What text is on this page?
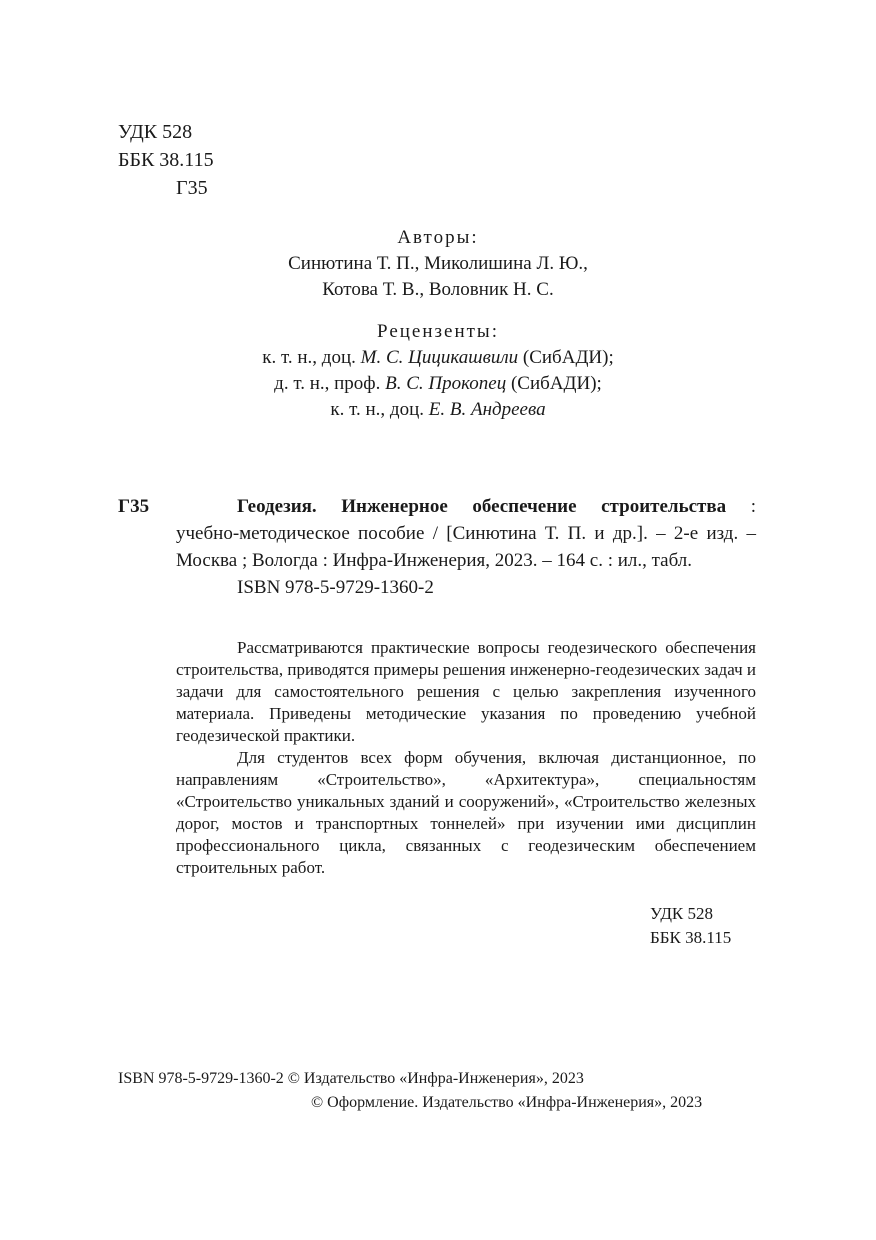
УДК 528
ББК 38.115
Г35
Авторы:
Синютина Т. П., Миколишина Л. Ю.,
Котова Т. В., Воловник Н. С.
Рецензенты:
к. т. н., доц. М. С. Цицикашвили (СибАДИ);
д. т. н., проф. В. С. Прокопец (СибАДИ);
к. т. н., доц. Е. В. Андреева
Г35	Геодезия. Инженерное обеспечение строительства :
учебно-методическое пособие / [Синютина Т. П. и др.]. – 2-е изд. – Москва ; Вологда : Инфра-Инженерия, 2023. – 164 с. : ил., табл.
ISBN 978-5-9729-1360-2

Рассматриваются практические вопросы геодезического обеспечения строительства, приводятся примеры решения инженерно-геодезических задач и задачи для самостоятельного решения с целью закрепления изученного материала. Приведены методические указания по проведению учебной геодезической практики.

Для студентов всех форм обучения, включая дистанционное, по направлениям «Строительство», «Архитектура», специальностям «Строительство уникальных зданий и сооружений», «Строительство железных дорог, мостов и транспортных тоннелей» при изучении ими дисциплин профессионального цикла, связанных с геодезическим обеспечением строительных работ.

УДК 528
ББК 38.115
ISBN 978-5-9729-1360-2 © Издательство «Инфра-Инженерия», 2023
© Оформление. Издательство «Инфра-Инженерия», 2023
